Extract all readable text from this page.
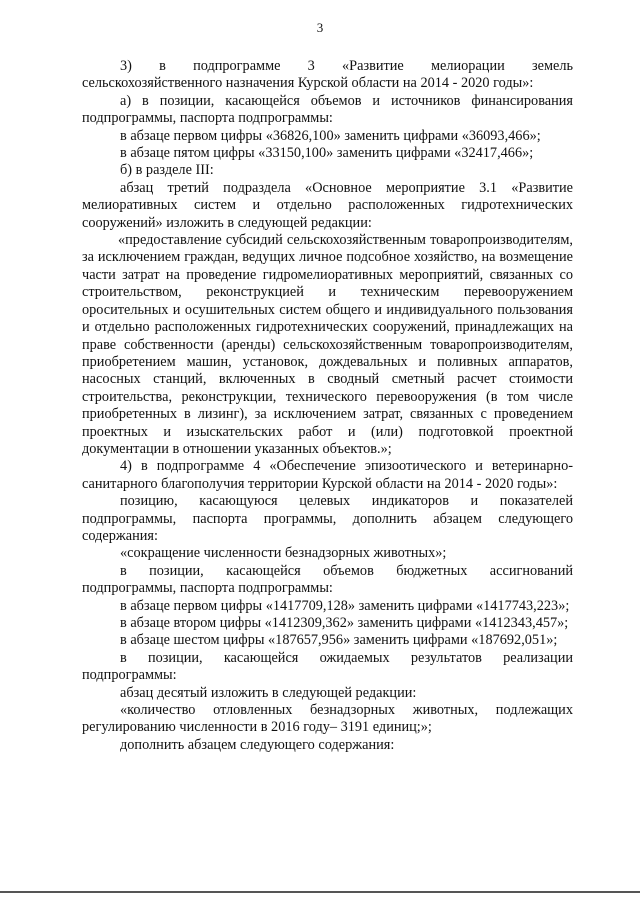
3

3) в подпрограмме 3 «Развитие мелиорации земель сельскохозяйственного назначения Курской области на 2014 - 2020 годы»:

а) в позиции, касающейся объемов и источников финансирования подпрограммы, паспорта подпрограммы:

в абзаце первом цифры «36826,100» заменить цифрами «36093,466»;

в абзаце пятом цифры «33150,100» заменить цифрами «32417,466»;

б) в разделе III:

абзац третий подраздела «Основное мероприятие 3.1 «Развитие мелиоративных систем и отдельно расположенных гидротехнических сооружений» изложить в следующей редакции:

«предоставление субсидий сельскохозяйственным товаропроизводителям, за исключением граждан, ведущих личное подсобное хозяйство, на возмещение части затрат на проведение гидромелиоративных мероприятий, связанных со строительством, реконструкцией и техническим перевооружением оросительных и осушительных систем общего и индивидуального пользования и отдельно расположенных гидротехнических сооружений, принадлежащих на праве собственности (аренды) сельскохозяйственным товаропроизводителям, приобретением машин, установок, дождевальных и поливных аппаратов, насосных станций, включенных в сводный сметный расчет стоимости строительства, реконструкции, технического перевооружения (в том числе приобретенных в лизинг), за исключением затрат, связанных с проведением проектных и изыскательских работ и (или) подготовкой проектной документации в отношении указанных объектов.»;

4) в подпрограмме 4 «Обеспечение эпизоотического и ветеринарно-санитарного благополучия территории Курской области на 2014 - 2020 годы»:

позицию, касающуюся целевых индикаторов и показателей подпрограммы, паспорта программы, дополнить абзацем следующего содержания:

«сокращение численности безнадзорных животных»;

в позиции, касающейся объемов бюджетных ассигнований подпрограммы, паспорта подпрограммы:

в абзаце первом цифры «1417709,128» заменить цифрами «1417743,223»;

в абзаце втором цифры «1412309,362» заменить цифрами «1412343,457»;

в абзаце шестом цифры «187657,956» заменить цифрами «187692,051»;

в позиции, касающейся ожидаемых результатов реализации подпрограммы:

абзац десятый изложить в следующей редакции:

«количество отловленных безнадзорных животных, подлежащих регулированию численности в 2016 году– 3191 единиц;»;

дополнить абзацем следующего содержания:
